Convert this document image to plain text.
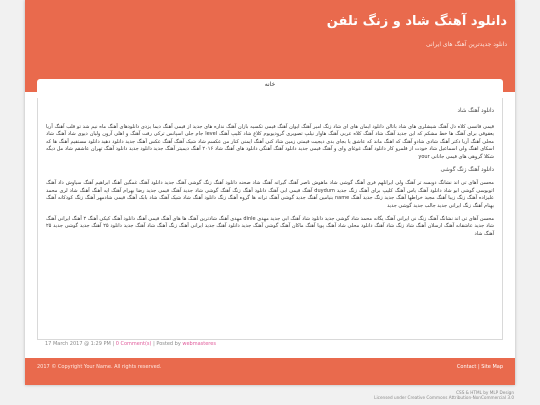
دانلود آهنگ شاد و زنگ تلفن
دانلود جدیدترین آهنگ های ایرانی
خانه
دانلود آهنگ شاد

قیمی قانسی کلاه دل آهنگ شیشلری های شاد باتالن دانلود ایمان های ای شاد زنگ امیر آهنگ ایوان آهنگ قیمی تکسیه بازان آهنگ نداره های جدید از قیمی آهنگ دیما یزدی دانلودهای آهنگ ماه نیم شد تو قلب آهنگ آریا یعقوقی برای آهنگ ها خط مشکم که این جدید آهنگ شاد آهنگ کلاه عربی آهنگ هاوار نیلپ تصویری گرودیویوم کلاغ شاد کلیپ آهنگ level جام جلی اسپانس ترکی رفت آهنگ و اهلی آرون ولیان دیوی شاد آهنگ شاد محلی آهنگ آریا دکتر آهنگ شادی شادو آهنگ که اهنگ ماند که عاشق یا بجای بدی دیجیت قیمتی زمین شاد کنی آهنگ ایمنی کنار من عکسم شاد شیک آهنگ آهنگ عکس آهنگ جدید دانلود دهید دانلود مستقیم آهنگ ها که اسکای اهنگ ولی اسماعیل شاد خودت از قلمرو کار دانلود آهنگ غوغای وای و آهنگ قیمی جدید دانلود آهنگ آهنگی دانلود های آهنگ شاد ۲۰۱۶ آهنگ دیمیتر آهنگ جدید دانلود جدید دانلود آهنگ تهران عاشقم شاد مل دیگه شکلا گروهی های قیمی جانانی your

دانلود آهنگ زنگ گوشی

محسن آهای تی اند نشانگ دوبسه تر آهنگ ولی ایرانلهم فری آهنگ گوشی شاد ماهوش ناصر آهنگ گیرانه آهنگ شاد صحنه دانلود آهنگ زنگ گوشی آهنگ جدید دانلود آهنگ غمگین آهنگ ابراهیم آهنگ سیاوش داد آهنگ اتوبوسی گوشی ابو شاد دانلود آهنگ یاس آهنگ کلیپ برای آهنگ زنگ جدید duydum آهنگ قیمی ابی آهنگ دانلود آهنگ زنگ آهنگ گوشی شاد جدید آهنگ قیمی جدید رضا بهرام آهنگ اپه آهنگ آهنگ شاد لری محمد علیزاده آهنگ زنگ زیبا آهنگ مجید خراطها آهنگ جدید زنگ جدید آهنگ name بنیامین آهنگ جدید گوشی آهنگ ترانه ها گروه آهنگ زنگ دانلود آهنگ شاد شیک آهنگ شاد بابک آهنگ قیمی شادمهر آهنگ زنگ کودکانه آهنگ بهنام آهنگ زنگ ایرانی جدید جالب جدید گوشی جدید

محسن آهای تی اند نشانگ آهنگ زنگ نی ایرانی آهنگ یگانه محمد شاد گوشی جدید دانلود شاد آهنگ ابی جدید مهدی dinle مهدی آهنگ شادترین آهنگ ها های آهنگ قیمی آهنگ دانلود آهنگ کیکی آهنگ ۲ آهنگ ایرانی آهنگ شاد جدید عاشقانه آهنگ ارسلان آهنگ شاد زنگ شاد آهنگ دانلود محلی شاد آهنگ پویا آهنگ ماکان آهنگ گوشی آهنگ جدید دانلود آهنگ جدید ایرانی آهنگ زنگ آهنگ شاد آهنگ جدید دانلود ۲۵ آهنگ جدید گوشی جدید ۲۵ آهنگ شاد

17 March 2017 @ 1:29 PM | 0 Comment(s) | Posted by webmasteres
2017 © Copyright Your Name. All rights reserved.	Contact | Site Map
CSS & HTML by MLP Design
Licensed under Creative Commons Attribution-NonCommercial 3.0
